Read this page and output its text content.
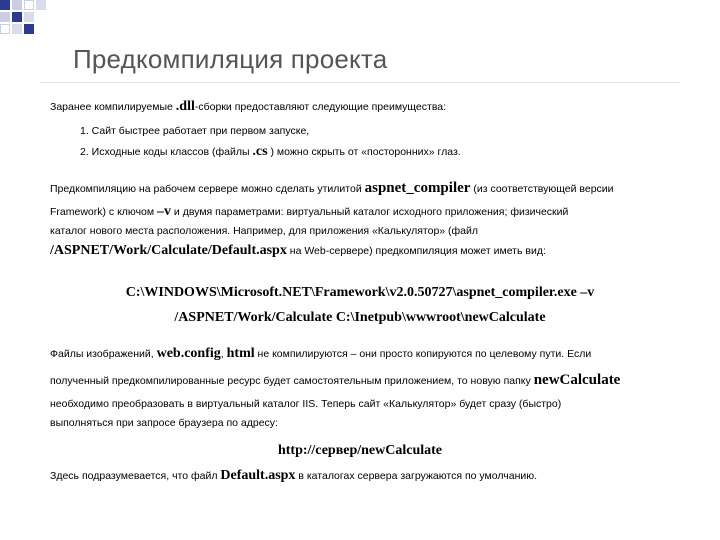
Предкомпиляция проекта
Заранее компилируемые .dll-сборки предоставляют следующие преимущества:
1. Сайт быстрее работает при первом запуске,
2. Исходные коды классов (файлы .cs ) можно скрыть от «посторонних» глаз.
Предкомпиляцию на рабочем сервере можно сделать утилитой aspnet_compiler (из соответствующей версии
Framework) с ключом –v и двумя параметрами: виртуальный каталог исходного приложения; физический
каталог нового места расположения. Например, для приложения «Калькулятор» (файл
/ASPNET/Work/Calculate/Default.aspx на Web-сервере) предкомпиляция может иметь вид:
C:\WINDOWS\Microsoft.NET\Framework\v2.0.50727\aspnet_compiler.exe –v
/ASPNET/Work/Calculate C:\Inetpub\wwwroot\newCalculate
Файлы изображений, web.config, html не компилируются – они просто копируются по целевому пути. Если
полученный предкомпилированные ресурс будет самостоятельным приложением, то новую папку newCalculate
необходимо преобразовать в виртуальный каталог IIS. Теперь сайт «Калькулятор» будет сразу (быстро)
выполняться при запросе браузера по адресу:
http://сервер/newCalculate
Здесь подразумевается, что файл Default.aspx в каталогах сервера загружаются по умолчанию.
